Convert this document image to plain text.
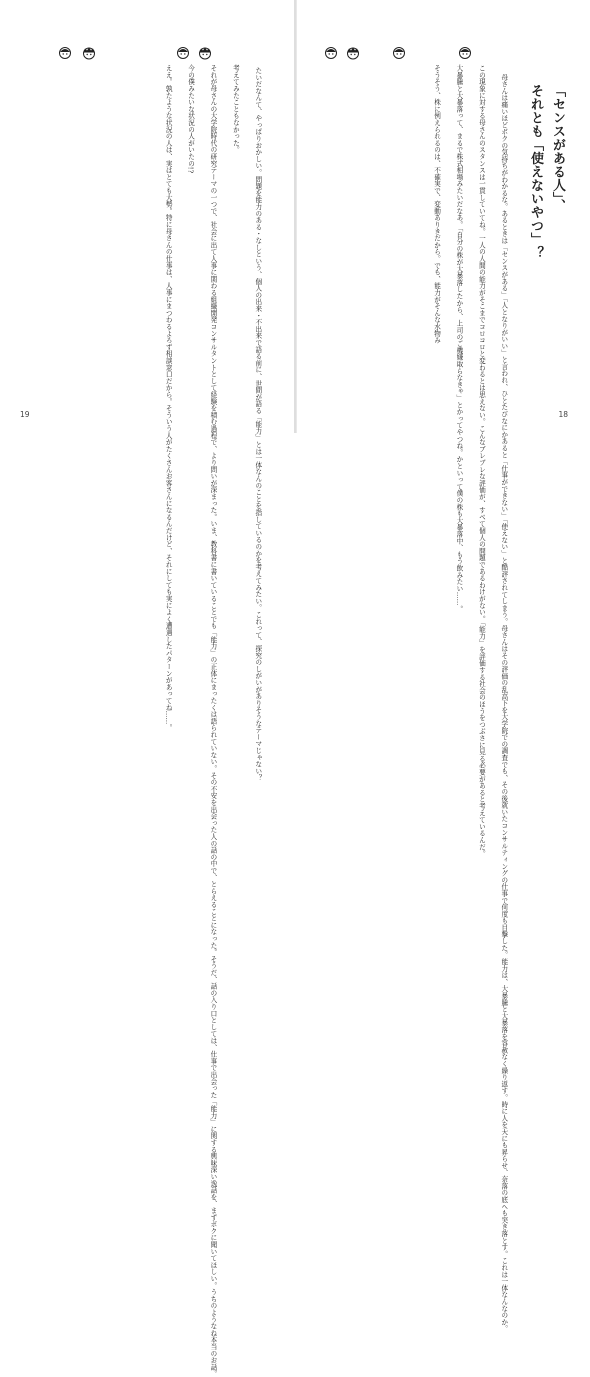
「センスがある人」、
それとも「使えないやつ」？

　母さんは痛いほどボクの気持ちがわかるな。あるときは「センスがある」「人となりがいい」と言われ、ひとたびなにかあると「仕事ができない」「使えない」と酷評されてしまう。母さんはその評価の乱高下を大学院での調査でも、その後就いたコンサルティングの仕事で何度も目撃した。能力は、大暴騰と大暴落を容赦なく繰り返す。時に人を天にも昇らせ、奈落の底へも突き落とす。これは一体なんなのか。

　この現象に対する母さんのスタンスは一貫していてね。一人の人間の能力がそこまでコロコロと変わるとは思えない。こんなブレブレな評価が、すべて個人の問題であるわけがない。「能力」を評価する社会のほうをつぶさに見る必要があると考えているんだ。

　大暴騰と大暴落って、まるで株式相場みたいだなあ。「自分の株が大暴落したから、上司のご機嫌取らなきゃ」とかってやつね。かといって僕の株も大暴落中、もう飲みたい……。

　そうそう、株に例えられるのは、不確実で、変動ありきだから。でも、能力がそんな水物み

18

たいだなんて、やっぱりおかしい。問題を能力のある・なしという、個人の出来・不出来で語る前に、世間が語る「能力」とは一体なんのことを指しているのかを考えてみたい。これって、探究のしがいがありそうなテーマじゃない？

　考えてみたこともなかった。

　それが母さんの大学院時代の研究テーマの一つで、社会に出て人事に関わる組織開発コンサルタントとして経験を積む過程で、より問いが深まった。いま、教科書に書いていることでも「能力」の正体にまったくは語られていない。その不安を出会った人の話の中で、とらえることになった。そうだ、話の入り口としては、仕事で出会った「能力」に関する興味深い逸話を、まずボクに聞いてほしい。うちのようなね本当のお話。

　今の僕みたいな状況の人がいたの!?

　ええ。孰たような状況の人は、実はとても大勢。特に母さんの仕事は、人事にまつわるよろず相談窓口だから。そういう人がたくさんお客さんになるんだけど、それにしても実によく遭遇したパターンがあってね……。

19
